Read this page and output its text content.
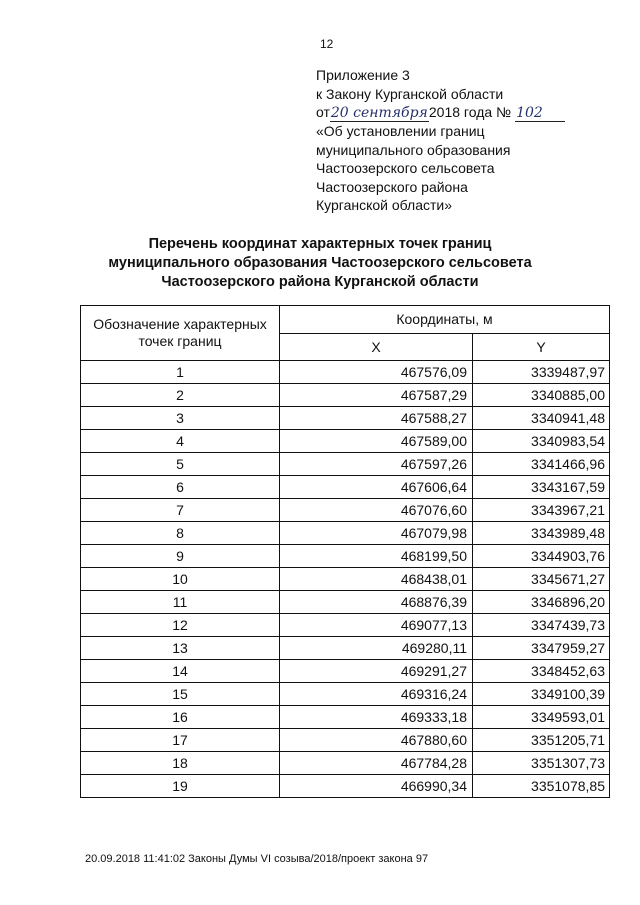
12
Приложение 3
к Закону Курганской области
от20 сентября2018 года № 102
«Об установлении границ
муниципального образования
Частоозерского сельсовета
Частоозерского района
Курганской области»
Перечень координат характерных точек границ
муниципального образования Частоозерского сельсовета
Частоозерского района Курганской области
Обозначение характерных точек границ	Координаты, м	
	X	Y
1	467576,09	3339487,97
2	467587,29	3340885,00
3	467588,27	3340941,48
4	467589,00	3340983,54
5	467597,26	3341466,96
6	467606,64	3343167,59
7	467076,60	3343967,21
8	467079,98	3343989,48
9	468199,50	3344903,76
10	468438,01	3345671,27
11	468876,39	3346896,20
12	469077,13	3347439,73
13	469280,11	3347959,27
14	469291,27	3348452,63
15	469316,24	3349100,39
16	469333,18	3349593,01
17	467880,60	3351205,71
18	467784,28	3351307,73
19	466990,34	3351078,85
20.09.2018 11:41:02 Законы Думы VI созыва/2018/проект закона 97
